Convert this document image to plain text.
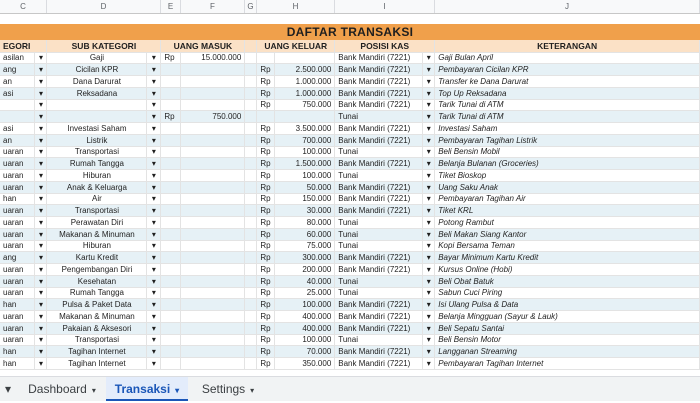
C	D	E	F	G	H	I	J
DAFTAR TRANSAKSI
EGORI		SUB KATEGORI		UANG MASUK			UANG KELUAR		POSISI KAS		KETERANGAN
asilan	▾	Gaji	▾	Rp	15.000.000				Bank Mandiri (7221)	▾	Gaji Bulan April
ang	▾	Cicilan KPR	▾				Rp	2.500.000	Bank Mandiri (7221)	▾	Pembayaran Cicilan KPR
an	▾	Dana Darurat	▾				Rp	1.000.000	Bank Mandiri (7221)	▾	Transfer ke Dana Darurat
asi	▾	Reksadana	▾				Rp	1.000.000	Bank Mandiri (7221)	▾	Top Up Reksadana
	▾		▾				Rp	750.000	Bank Mandiri (7221)	▾	Tarik Tunai di ATM
	▾		▾	Rp	750.000				Tunai	▾	Tarik Tunai di ATM
asi	▾	Investasi Saham	▾				Rp	3.500.000	Bank Mandiri (7221)	▾	Investasi Saham
an	▾	Listrik	▾				Rp	700.000	Bank Mandiri (7221)	▾	Pembayaran Tagihan Listrik
uaran	▾	Transportasi	▾				Rp	100.000	Tunai	▾	Beli Bensin Mobil
uaran	▾	Rumah Tangga	▾				Rp	1.500.000	Bank Mandiri (7221)	▾	Belanja Bulanan (Groceries)
uaran	▾	Hiburan	▾				Rp	100.000	Tunai	▾	Tiket Bioskop
uaran	▾	Anak & Keluarga	▾				Rp	50.000	Bank Mandiri (7221)	▾	Uang Saku Anak
han	▾	Air	▾				Rp	150.000	Bank Mandiri (7221)	▾	Pembayaran Tagihan Air
uaran	▾	Transportasi	▾				Rp	30.000	Bank Mandiri (7221)	▾	Tiket KRL
uaran	▾	Perawatan Diri	▾				Rp	80.000	Tunai	▾	Potong Rambut
uaran	▾	Makanan & Minuman	▾				Rp	60.000	Tunai	▾	Beli Makan Siang Kantor
uaran	▾	Hiburan	▾				Rp	75.000	Tunai	▾	Kopi Bersama Teman
ang	▾	Kartu Kredit	▾				Rp	300.000	Bank Mandiri (7221)	▾	Bayar Minimum Kartu Kredit
uaran	▾	Pengembangan Diri	▾				Rp	200.000	Bank Mandiri (7221)	▾	Kursus Online (Hobi)
uaran	▾	Kesehatan	▾				Rp	40.000	Tunai	▾	Beli Obat Batuk
uaran	▾	Rumah Tangga	▾				Rp	25.000	Tunai	▾	Sabun Cuci Piring
han	▾	Pulsa & Paket Data	▾				Rp	100.000	Bank Mandiri (7221)	▾	Isi Ulang Pulsa & Data
uaran	▾	Makanan & Minuman	▾				Rp	400.000	Bank Mandiri (7221)	▾	Belanja Mingguan (Sayur & Lauk)
uaran	▾	Pakaian & Aksesori	▾				Rp	400.000	Bank Mandiri (7221)	▾	Beli Sepatu Santai
uaran	▾	Transportasi	▾				Rp	100.000	Tunai	▾	Beli Bensin Motor
han	▾	Tagihan Internet	▾				Rp	70.000	Bank Mandiri (7221)	▾	Langganan Streaming
han	▾	Tagihan Internet	▾				Rp	350.000	Bank Mandiri (7221)	▾	Pembayaran Tagihan Internet
▾	Dashboard ▾	Transaksi ▾	Settings ▾
